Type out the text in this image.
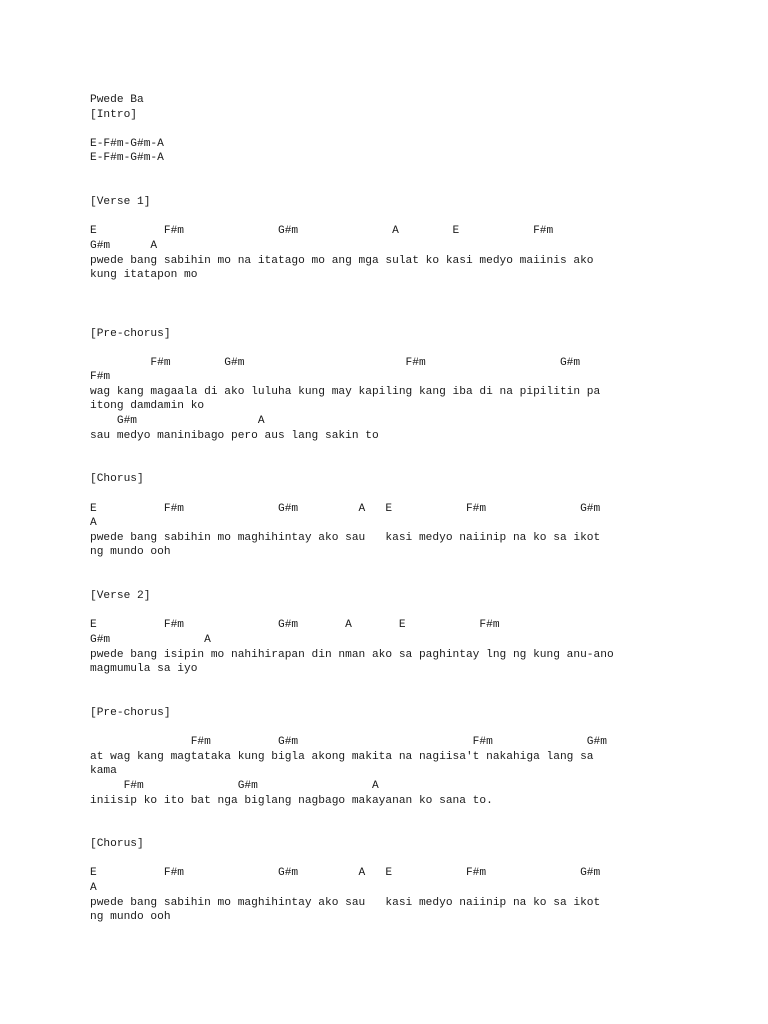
Pwede Ba
[Intro]
E-F#m-G#m-A
E-F#m-G#m-A
[Verse 1]
E          F#m              G#m              A        E           F#m
G#m      A
pwede bang sabihin mo na itatago mo ang mga sulat ko kasi medyo maiinis ako
kung itatapon mo
[Pre-chorus]
F#m        G#m                        F#m                    G#m
F#m
wag kang magaala di ako luluha kung may kapiling kang iba di na pipilitin pa
itong damdamin ko
G#m                  A
sau medyo maninibago pero aus lang sakin to
[Chorus]
E          F#m              G#m         A   E           F#m              G#m
A
pwede bang sabihin mo maghihintay ako sau   kasi medyo naiinip na ko sa ikot
ng mundo ooh
[Verse 2]
E          F#m              G#m       A       E           F#m
G#m              A
pwede bang isipin mo nahihirapan din nman ako sa paghintay lng ng kung anu-ano
magmumula sa iyo
[Pre-chorus]
F#m          G#m                          F#m              G#m
at wag kang magtataka kung bigla akong makita na nagiisa't nakahiga lang sa
kama
F#m              G#m                 A
iniisip ko ito bat nga biglang nagbago makayanan ko sana to.
[Chorus]
E          F#m              G#m         A   E           F#m              G#m
A
pwede bang sabihin mo maghihintay ako sau   kasi medyo naiinip na ko sa ikot
ng mundo ooh
